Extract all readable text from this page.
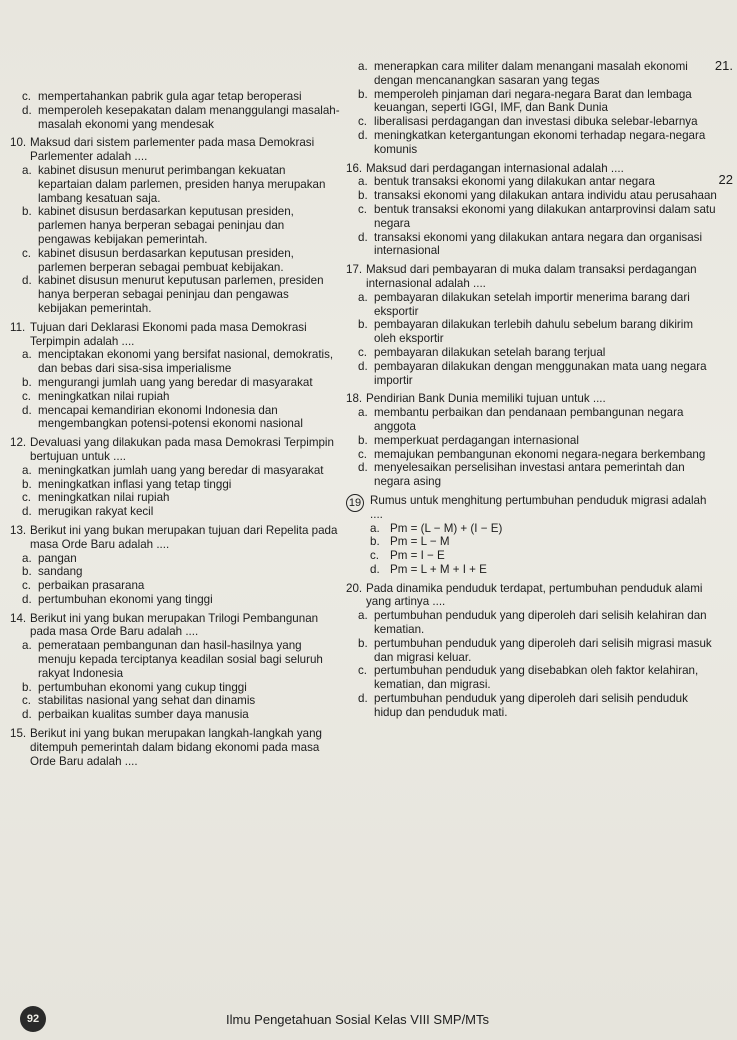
c. mempertahankan pabrik gula agar tetap beroperasi
d. memperoleh kesepakatan dalam menanggulangi masalah-masalah ekonomi yang mendesak
10. Maksud dari sistem parlementer pada masa Demokrasi Parlementer adalah ....
a. kabinet disusun menurut perimbangan kekuatan kepartaian dalam parlemen, presiden hanya merupakan lambang kesatuan saja.
b. kabinet disusun berdasarkan keputusan presiden, parlemen hanya berperan sebagai peninjau dan pengawas kebijakan pemerintah.
c. kabinet disusun berdasarkan keputusan presiden, parlemen berperan sebagai pembuat kebijakan.
d. kabinet disusun menurut keputusan parlemen, presiden hanya berperan sebagai peninjau dan pengawas kebijakan pemerintah.
11. Tujuan dari Deklarasi Ekonomi pada masa Demokrasi Terpimpin adalah ....
a. menciptakan ekonomi yang bersifat nasional, demokratis, dan bebas dari sisa-sisa imperialisme
b. mengurangi jumlah uang yang beredar di masyarakat
c. meningkatkan nilai rupiah
d. mencapai kemandirian ekonomi Indonesia dan mengembangkan potensi-potensi ekonomi nasional
12. Devaluasi yang dilakukan pada masa Demokrasi Terpimpin bertujuan untuk ....
a. meningkatkan jumlah uang yang beredar di masyarakat
b. meningkatkan inflasi yang tetap tinggi
c. meningkatkan nilai rupiah
d. merugikan rakyat kecil
13. Berikut ini yang bukan merupakan tujuan dari Repelita pada masa Orde Baru adalah ....
a. pangan
b. sandang
c. perbaikan prasarana
d. pertumbuhan ekonomi yang tinggi
14. Berikut ini yang bukan merupakan Trilogi Pembangunan pada masa Orde Baru adalah ....
a. pemerataan pembangunan dan hasil-hasilnya yang menuju kepada terciptanya keadilan sosial bagi seluruh rakyat Indonesia
b. pertumbuhan ekonomi yang cukup tinggi
c. stabilitas nasional yang sehat dan dinamis
d. perbaikan kualitas sumber daya manusia
15. Berikut ini yang bukan merupakan langkah-langkah yang ditempuh pemerintah dalam bidang ekonomi pada masa Orde Baru adalah ....
a. menerapkan cara militer dalam menangani masalah ekonomi dengan mencanangkan sasaran yang tegas
b. memperoleh pinjaman dari negara-negara Barat dan lembaga keuangan, seperti IGGI, IMF, dan Bank Dunia
c. liberalisasi perdagangan dan investasi dibuka selebar-lebarnya
d. meningkatkan ketergantungan ekonomi terhadap negara-negara komunis
16. Maksud dari perdagangan internasional adalah ....
a. bentuk transaksi ekonomi yang dilakukan antar negara
b. transaksi ekonomi yang dilakukan antara individu atau perusahaan
c. bentuk transaksi ekonomi yang dilakukan antarprovinsi dalam satu negara
d. transaksi ekonomi yang dilakukan antara negara dan organisasi internasional
17. Maksud dari pembayaran di muka dalam transaksi perdagangan internasional adalah ....
a. pembayaran dilakukan setelah importir menerima barang dari eksportir
b. pembayaran dilakukan terlebih dahulu sebelum barang dikirim oleh eksportir
c. pembayaran dilakukan setelah barang terjual
d. pembayaran dilakukan dengan menggunakan mata uang negara importir
18. Pendirian Bank Dunia memiliki tujuan untuk ....
a. membantu perbaikan dan pendanaan pembangunan negara anggota
b. memperkuat perdagangan internasional
c. memajukan pembangunan ekonomi negara-negara berkembang
d. menyelesaikan perselisihan investasi antara pemerintah dan negara asing
19 Rumus untuk menghitung pertumbuhan penduduk migrasi adalah ....
a. Pm = (L − M) + (I − E)
b. Pm = L − M
c. Pm = I − E
d. Pm = L + M + I + E
20. Pada dinamika penduduk terdapat, pertumbuhan penduduk alami yang artinya ....
a. pertumbuhan penduduk yang diperoleh dari selisih kelahiran dan kematian.
b. pertumbuhan penduduk yang diperoleh dari selisih migrasi masuk dan migrasi keluar.
c. pertumbuhan penduduk yang disebabkan oleh faktor kelahiran, kematian, dan migrasi.
d. pertumbuhan penduduk yang diperoleh dari selisih penduduk hidup dan penduduk mati.
21.
22
92	Ilmu Pengetahuan Sosial Kelas VIII SMP/MTs
